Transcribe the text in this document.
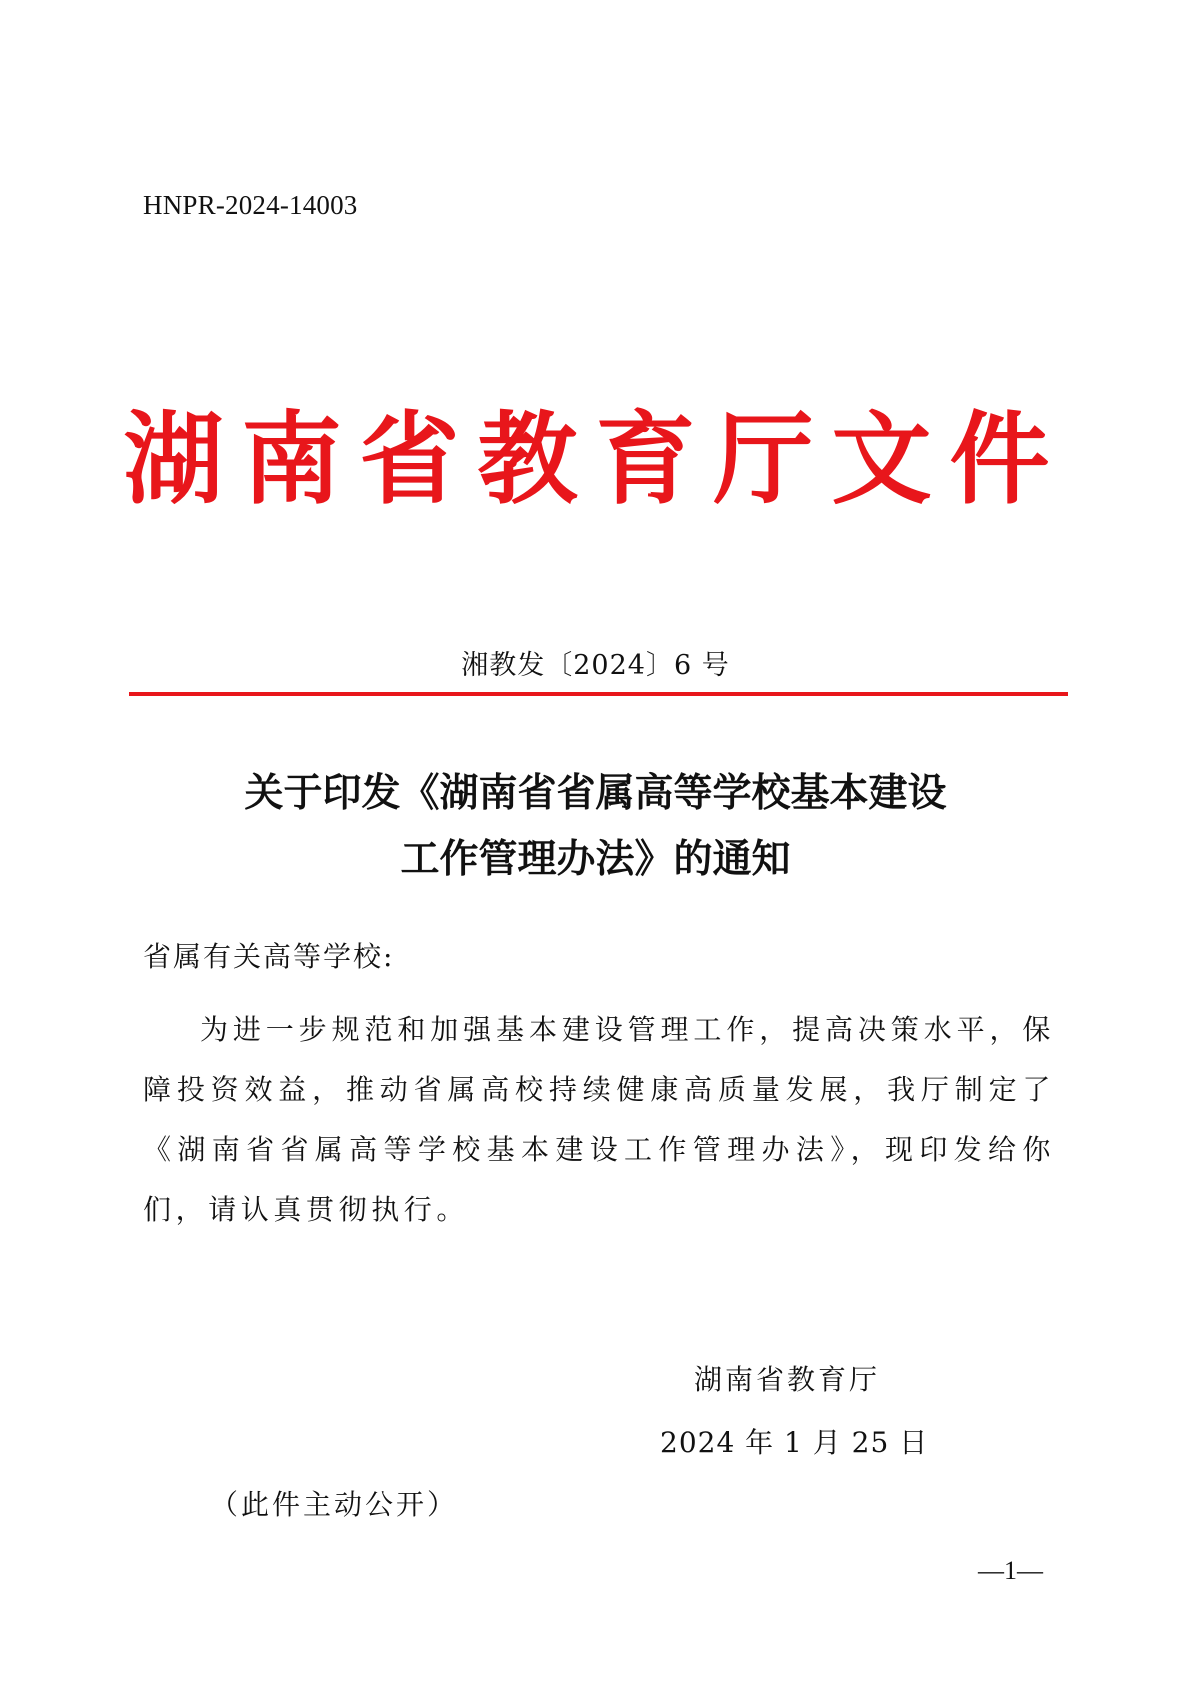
HNPR-2024-14003
湖南省教育厅文件
湘教发〔2024〕6 号
关于印发《湖南省省属高等学校基本建设
工作管理办法》的通知
省属有关高等学校:
为进一步规范和加强基本建设管理工作，提高决策水平，保障投资效益，推动省属高校持续健康高质量发展，我厅制定了《湖南省省属高等学校基本建设工作管理办法》，现印发给你们，请认真贯彻执行。
湖南省教育厅
2024 年 1 月 25 日
（此件主动公开）
—1—
